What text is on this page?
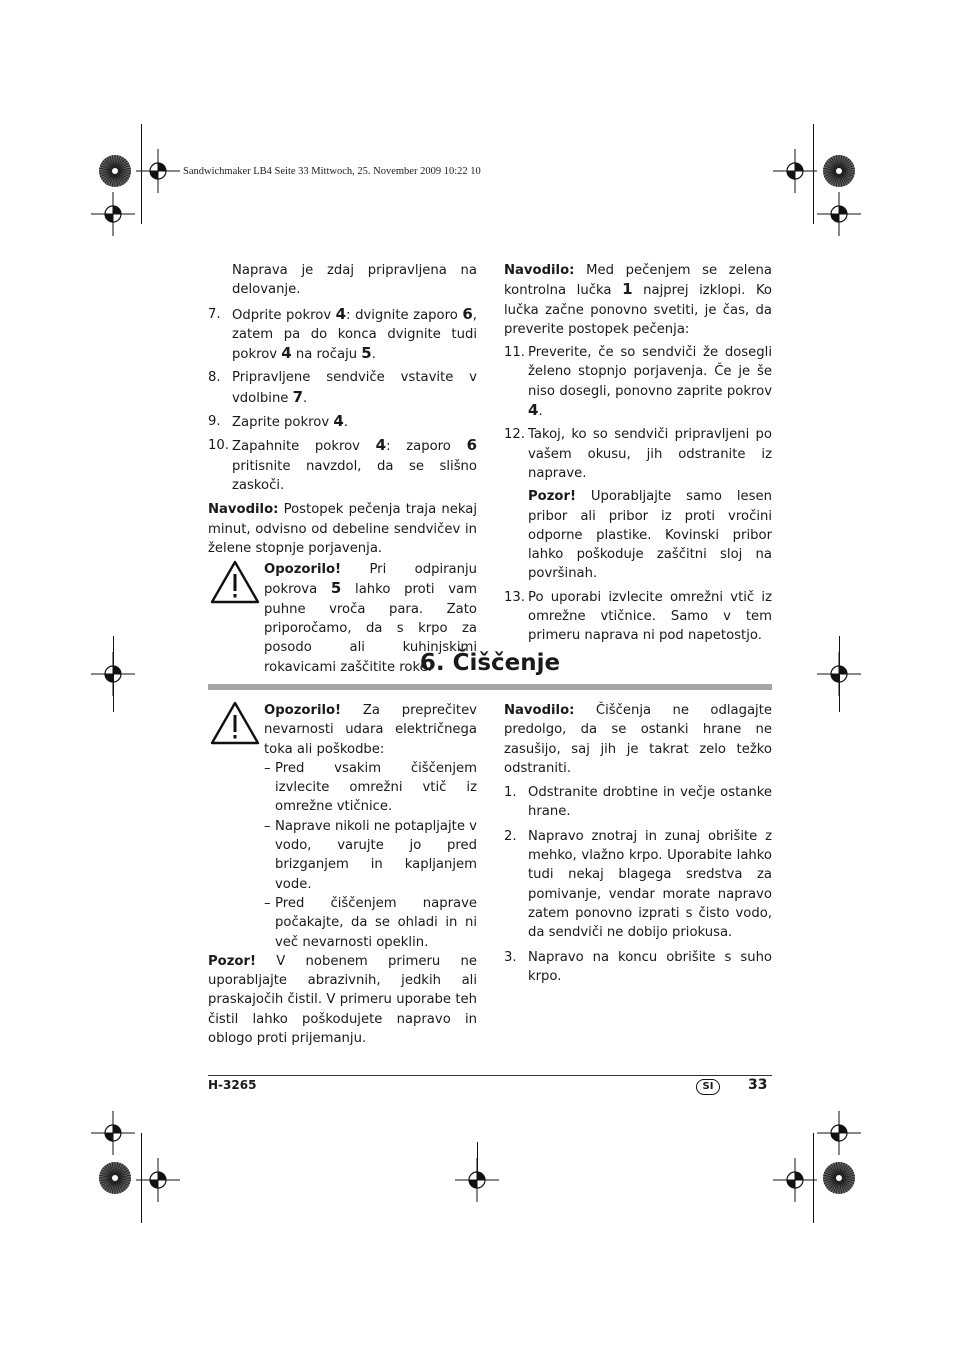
Sandwichmaker LB4 Seite 33 Mittwoch, 25. November 2009 10:22 10

Naprava je zdaj pripravljena na delovanje.

7. Odprite pokrov 4: dvignite zaporo 6, zatem pa do konca dvignite tudi pokrov 4 na ročaju 5.
8. Pripravljene sendviče vstavite v vdolbine 7.
9. Zaprite pokrov 4.
10. Zapahnite pokrov 4: zaporo 6 pritisnite navzdol, da se slišno zaskoči.

Navodilo: Postopek pečenja traja nekaj minut, odvisno od debeline sendvičev in želene stopnje porjavenja.

Opozorilo! Pri odpiranju pokrova 5 lahko proti vam puhne vroča para. Zato priporočamo, da s krpo za posodo ali kuhinjskimi rokavicami zaščitite roke.

Navodilo: Med pečenjem se zelena kontrolna lučka 1 najprej izklopi. Ko lučka začne ponovno svetiti, je čas, da preverite postopek pečenja:

11. Preverite, če so sendviči že dosegli želeno stopnjo porjavenja. Če je še niso dosegli, ponovno zaprite pokrov 4.
12. Takoj, ko so sendviči pripravljeni po vašem okusu, jih odstranite iz naprave.

Pozor! Uporabljajte samo lesen pribor ali pribor iz proti vročini odporne plastike. Kovinski pribor lahko poškoduje zaščitni sloj na površinah.

13. Po uporabi izvlecite omrežni vtič iz omrežne vtičnice. Samo v tem primeru naprava ni pod napetostjo.
6. Čiščenje

Opozorilo! Za preprečitev nevarnosti udara električnega toka ali poškodbe:

– Pred vsakim čiščenjem izvlecite omrežni vtič iz omrežne vtičnice.
– Naprave nikoli ne potapljajte v vodo, varujte jo pred brizganjem in kapljanjem vode.
– Pred čiščenjem naprave počakajte, da se ohladi in ni več nevarnosti opeklin.

Pozor! V nobenem primeru ne uporabljajte abrazivnih, jedkih ali praskajočih čistil. V primeru uporabe teh čistil lahko poškodujete napravo in oblogo proti prijemanju.

Navodilo: Čiščenja ne odlagajte predolgo, da se ostanki hrane ne zasušijo, saj jih je takrat zelo težko odstraniti.

1. Odstranite drobtine in večje ostanke hrane.
2. Napravo znotraj in zunaj obrišite z mehko, vlažno krpo. Uporabite lahko tudi nekaj blagega sredstva za pomivanje, vendar morate napravo zatem ponovno izprati s čisto vodo, da sendviči ne dobijo priokusa.
3. Napravo na koncu obrišite s suho krpo.
H-3265	SI	33
